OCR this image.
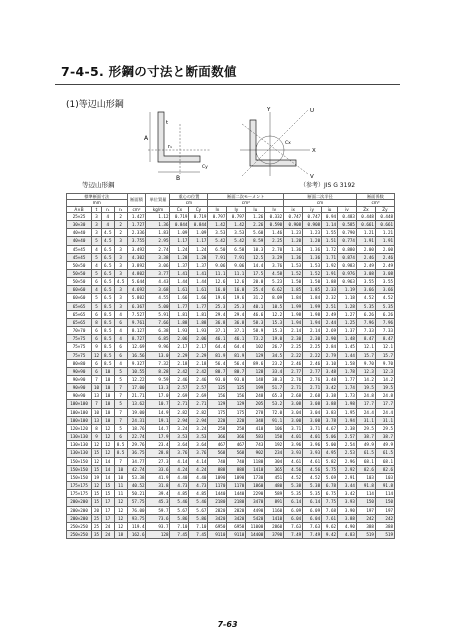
7-4-5. 形鋼の寸法と断面数値
(1)等辺山形鋼
A
B
t
r₁
Cy
X
Y	U
V
Cx
等辺山形鋼	（参考）JIS G 3192
標準断面寸法				断面積	単位質量	重心の位置		断面二次モーメント				断面二次半径				断面係数	
mm						cm		cm⁴				cm				cm³	
A×B	t	r₁	r₂	cm²	kg/m	Cx	Cy	Ix	Iy	Iu	Iv	ix	iy	iu	iv	Zx	Zy
25×25	3	4	2	1.427	1.12	0.719	0.719	0.797	0.797	1.26	0.332	0.747	0.747	0.94	0.483	0.448	0.448
30×30	3	4	2	1.727	1.36	0.844	0.844	1.42	1.42	2.26	0.590	0.908	0.908	1.14	0.585	0.661	0.661
40×40	3	4.5	2	2.336	1.83	1.09	1.09	3.53	3.53	5.60	1.46	1.23	1.23	1.55	0.790	1.21	1.21
40×40	5	4.5	3	3.755	2.95	1.17	1.17	5.42	5.42	8.59	2.25	1.20	1.20	1.51	0.774	1.91	1.91
45×45	4	6.5	3	3.492	2.74	1.24	1.24	6.50	6.50	10.3	2.70	1.36	1.36	1.72	0.880	2.00	2.00
45×45	5	6.5	3	4.302	3.38	1.28	1.28	7.91	7.91	12.5	3.29	1.36	1.36	1.71	0.874	2.46	2.46
50×50	4	6.5	3	3.892	3.06	1.37	1.37	9.06	9.06	14.4	3.76	1.53	1.53	1.92	0.983	2.49	2.49
50×50	5	6.5	3	4.802	3.77	1.41	1.41	11.1	11.1	17.5	4.58	1.52	1.52	1.91	0.976	3.08	3.08
50×50	6	6.5	4.5	5.644	4.43	1.44	1.44	12.6	12.6	20.0	5.23	1.50	1.50	1.88	0.963	3.55	3.55
60×60	4	6.5	3	4.692	3.68	1.61	1.61	16.0	16.0	25.4	6.62	1.85	1.85	2.33	1.19	3.66	3.66
60×60	5	6.5	3	5.802	4.55	1.66	1.66	19.6	19.6	31.2	8.09	1.84	1.84	2.32	1.18	4.52	4.52
65×65	5	8.5	3	6.367	5.00	1.77	1.77	25.3	25.3	40.1	10.5	1.99	1.99	2.51	1.28	5.35	5.35
65×65	6	8.5	4	7.527	5.91	1.81	1.81	29.4	29.4	46.6	12.2	1.98	1.98	2.49	1.27	6.26	6.26
65×65	8	8.5	6	9.761	7.66	1.88	1.88	36.8	36.8	58.3	15.3	1.94	1.94	2.44	1.25	7.96	7.96
70×70	6	8.5	4	8.127	6.38	1.93	1.93	37.1	37.1	58.9	15.3	2.14	2.14	2.69	1.37	7.33	7.33
75×75	6	8.5	4	8.727	6.85	2.06	2.06	46.1	46.1	73.2	19.0	2.30	2.30	2.90	1.48	8.47	8.47
75×75	9	8.5	6	12.69	9.96	2.17	2.17	64.4	64.4	102	26.7	2.25	2.25	2.84	1.45	12.1	12.1
75×75	12	8.5	6	16.56	13.0	2.29	2.29	81.9	81.9	129	34.5	2.22	2.22	2.79	1.44	15.7	15.7
80×80	6	8.5	4	9.327	7.32	2.18	2.18	56.4	56.4	89.6	23.2	2.46	2.46	3.10	1.58	9.70	9.70
90×90	6	10	5	10.55	8.28	2.42	2.42	80.7	80.7	128	33.4	2.77	2.77	3.48	1.78	12.3	12.3
90×90	7	10	5	12.22	9.59	2.46	2.46	93.0	93.0	148	38.3	2.76	2.76	3.48	1.77	14.2	14.2
90×90	10	10	7	17.00	13.3	2.57	2.57	125	125	199	51.7	2.71	2.71	3.42	1.74	19.5	19.5
90×90	13	10	7	21.71	17.0	2.69	2.69	156	156	248	65.3	2.68	2.68	3.38	1.73	24.8	24.8
100×100	7	10	5	13.62	10.7	2.71	2.71	129	129	205	53.2	3.08	3.08	3.88	1.98	17.7	17.7
100×100	10	10	7	19.00	14.9	2.82	2.82	175	175	278	72.0	3.04	3.04	3.83	1.95	24.4	24.4
100×100	13	10	7	24.31	19.1	2.94	2.94	220	220	348	91.1	3.00	3.00	3.78	1.94	31.1	31.1
120×120	8	12	5	18.76	14.7	3.24	3.24	258	258	410	106	3.71	3.71	4.67	2.38	29.5	29.5
130×130	9	12	6	22.74	17.9	3.53	3.53	366	366	583	150	4.01	4.01	5.06	2.57	38.7	38.7
130×130	12	12	8.5	29.76	23.4	3.64	3.64	467	467	743	192	3.96	3.96	5.00	2.54	49.9	49.9
130×130	15	12	8.5	36.75	28.8	3.76	3.76	568	568	902	234	3.93	3.93	4.95	2.53	61.5	61.5
150×150	12	14	7	34.77	27.3	4.14	4.14	740	740	1180	304	4.61	4.61	5.82	2.96	68.1	68.1
150×150	15	14	10	42.74	33.6	4.24	4.24	888	888	1410	365	4.56	4.56	5.75	2.92	82.6	82.6
150×150	19	14	10	53.38	41.9	4.40	4.40	1090	1090	1730	451	4.52	4.52	5.69	2.91	103	103
175×175	12	15	11	40.52	31.8	4.73	4.73	1170	1170	1860	480	5.38	5.38	6.78	3.44	91.8	91.8
175×175	15	15	11	50.21	39.4	4.85	4.85	1440	1440	2290	589	5.35	5.35	6.75	3.42	114	114
200×200	15	17	12	57.75	45.3	5.46	5.46	2180	2180	3470	891	6.14	6.14	7.75	3.93	150	150
200×200	20	17	12	76.00	59.7	5.67	5.67	2820	2820	4490	1160	6.09	6.09	7.68	3.90	197	197
200×200	25	17	12	93.75	73.6	5.86	5.86	3420	3420	5420	1410	6.04	6.04	7.61	3.88	242	242
250×250	25	24	12	119.4	93.7	7.10	7.10	6950	6950	11000	2860	7.63	7.63	9.62	4.90	388	388
250×250	35	24	18	162.6	128	7.45	7.45	9110	9110	14400	3790	7.49	7.49	9.42	4.83	519	519
7-63
